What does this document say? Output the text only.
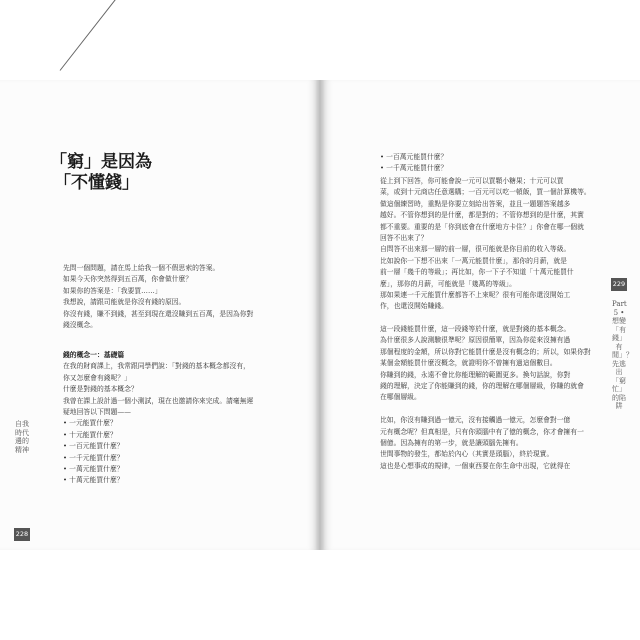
「窮」是因為
「不懂錢」
先問一個問題，請在馬上給我一個不假思索的答案。
如果今天你突然得到五百萬，你會做什麼？
如果你的答案是：「我要買……」
我想說，請跟司能就是你沒有錢的原因。
你沒有錢，賺不到錢，甚至到現在還沒賺到五百萬，是因為你對
錢沒概念。
錢的概念一：基礎篇
在我的財商課上，我常跟同學們說：「對錢的基本概念都沒有，
你又怎麼會有錢呢？」
什麼是對錢的基本概念？
我曾在課上設計過一個小測試，現在也邀請你來完成。請毫無遲
疑地回答以下問題——
• 一元能買什麼？
• 十元能買什麼？
• 一百元能買什麼？
• 一千元能買什麼？
• 一萬元能買什麼？
• 十萬元能買什麼？
• 一百萬元能買什麼？
• 一千萬元能買什麼？
從上到下回答，你可能會說一元可以買顆小糖果；十元可以買
菜，或到十元商店任意選購；一百元可以吃一頓飯，買一個計算機等。
做這個練習時，重點是你要立刻給出答案，並且一題題答案越多
越好。不管你想到的是什麼，都是對的；不管你想到的是什麼，其實
都不重要。重要的是「你到底會在什麼地方卡住？」你會在哪一個就
回答不出來了？
自問答不出來那一層的前一層，很可能就是你目前的收入等級。
比如說你一下想不出來「一萬元能買什麼」，那你的月薪，就是
前一層「幾千的等級」；再比如，你一下子不知道「十萬元能買什
麼」，那你的月薪，可能就是「幾萬的等級」。
那如果連一千元能買什麼都答不上來呢？很有可能你還沒開始工
作，也還沒開始賺錢。
這一段錢能買什麼，這一段錢等於什麼，就是對錢的基本概念。
為什麼很多人說測驗很準呢？原因很簡單，因為你從來沒擁有過
那個程度的金額，所以你對它能買什麼是沒有概念的；所以，如果你對
某個金額能買什麼沒概念，就證明你不曾擁有過這個數目。
你賺到的錢，永遠不會比你能理解的範圍更多。換句話說，你對
錢的理解，決定了你能賺到的錢，你的理解在哪個層級，你賺的就會
在哪個層級。
比如，你沒有賺到過一億元，沒有接觸過一億元，怎麼會對一億
元有概念呢？但真相是，只有你頭腦中有了億的概念，你才會擁有一
個億。因為擁有的第一步，就是讓頭腦先擁有。
世間事物的發生，都始於內心（其實是頭腦），終於現實。
這也是心想事成的規律，一個東西要在你生命中出現，它就得在
自我時代邊的精神
228
Part 5 • 想變「有錢」有閒」？先逃出「窮忙」的陷阱
229
